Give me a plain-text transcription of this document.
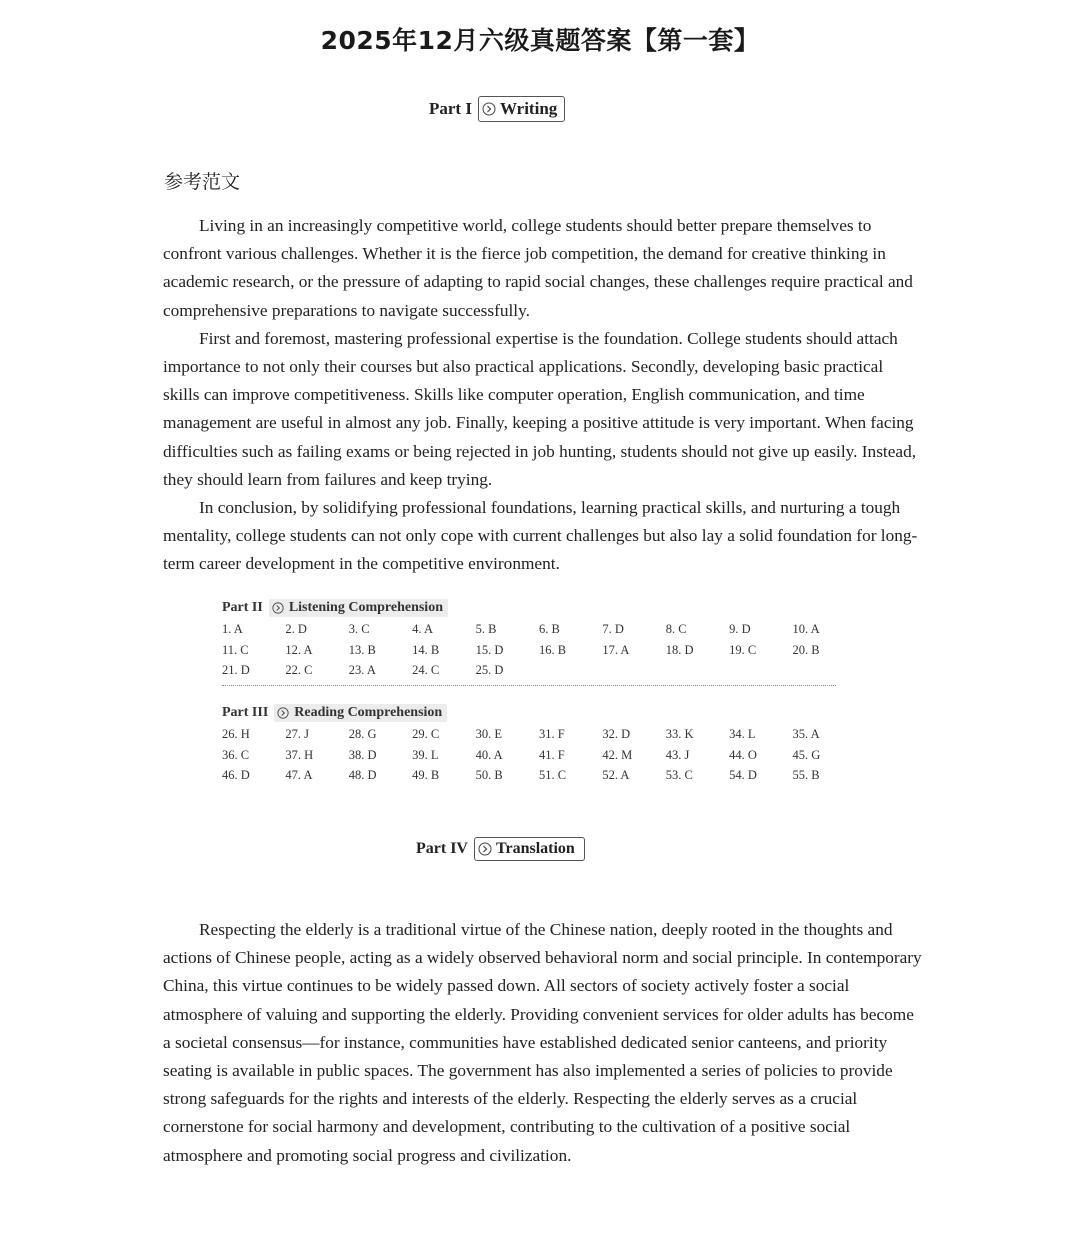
2025年12月六级真题答案【第一套】
Part I Writing
参考范文

Living in an increasingly competitive world, college students should better prepare themselves to confront various challenges. Whether it is the fierce job competition, the demand for creative thinking in academic research, or the pressure of adapting to rapid social changes, these challenges require practical and comprehensive preparations to navigate successfully.

First and foremost, mastering professional expertise is the foundation. College students should attach importance to not only their courses but also practical applications. Secondly, developing basic practical skills can improve competitiveness. Skills like computer operation, English communication, and time management are useful in almost any job. Finally, keeping a positive attitude is very important. When facing difficulties such as failing exams or being rejected in job hunting, students should not give up easily. Instead, they should learn from failures and keep trying.

In conclusion, by solidifying professional foundations, learning practical skills, and nurturing a tough mentality, college students can not only cope with current challenges but also lay a solid foundation for long-term career development in the competitive environment.

Part II Listening Comprehension
1. A	2. D	3. C	4. A	5. B	6. B	7. D	8. C	9. D	10. A
11. C	12. A	13. B	14. B	15. D	16. B	17. A	18. D	19. C	20. B
21. D	22. C	23. A	24. C	25. D
Part III Reading Comprehension
26. H	27. J	28. G	29. C	30. E	31. F	32. D	33. K	34. L	35. A
36. C	37. H	38. D	39. L	40. A	41. F	42. M	43. J	44. O	45. G
46. D	47. A	48. D	49. B	50. B	51. C	52. A	53. C	54. D	55. B
Part IV Translation

Respecting the elderly is a traditional virtue of the Chinese nation, deeply rooted in the thoughts and actions of Chinese people, acting as a widely observed behavioral norm and social principle. In contemporary China, this virtue continues to be widely passed down. All sectors of society actively foster a social atmosphere of valuing and supporting the elderly. Providing convenient services for older adults has become a societal consensus—for instance, communities have established dedicated senior canteens, and priority seating is available in public spaces. The government has also implemented a series of policies to provide strong safeguards for the rights and interests of the elderly. Respecting the elderly serves as a crucial cornerstone for social harmony and development, contributing to the cultivation of a positive social atmosphere and promoting social progress and civilization.
